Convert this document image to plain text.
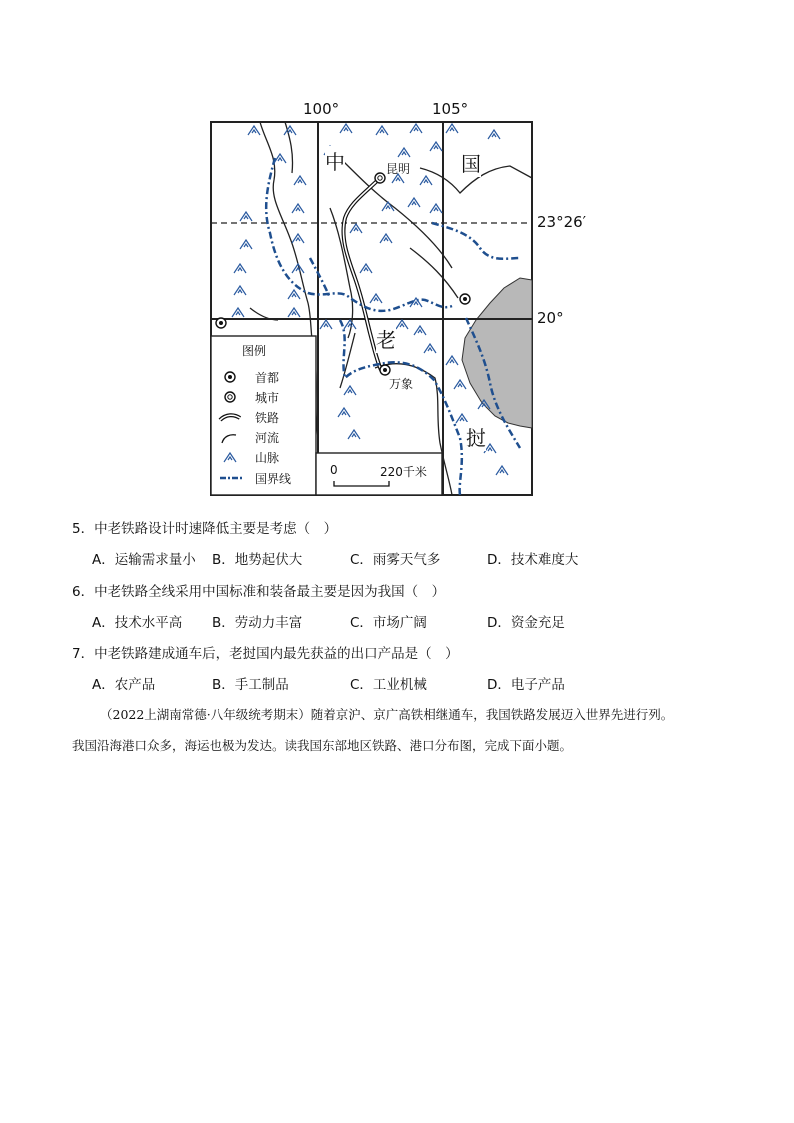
100°	105°
23°26′
20°
中	国
老
挝
昆明
万象
图例
首都
城市
铁路
河流
山脉
国界线
0	220千米
5．中老铁路设计时速降低主要是考虑（　）
A．运输需求量小 B．地势起伏大	C．雨雾天气多	D．技术难度大
6．中老铁路全线采用中国标准和装备最主要是因为我国（　）
A．技术水平高 B．劳动力丰富	C．市场广阔	D．资金充足
7．中老铁路建成通车后，老挝国内最先获益的出口产品是（　）
A．农产品	B．手工制品	C．工业机械	D．电子产品
（2022上湖南常德·八年级统考期末）随着京沪、京广高铁相继通车，我国铁路发展迈入世界先进行列。
我国沿海港口众多，海运也极为发达。读我国东部地区铁路、港口分布图，完成下面小题。
